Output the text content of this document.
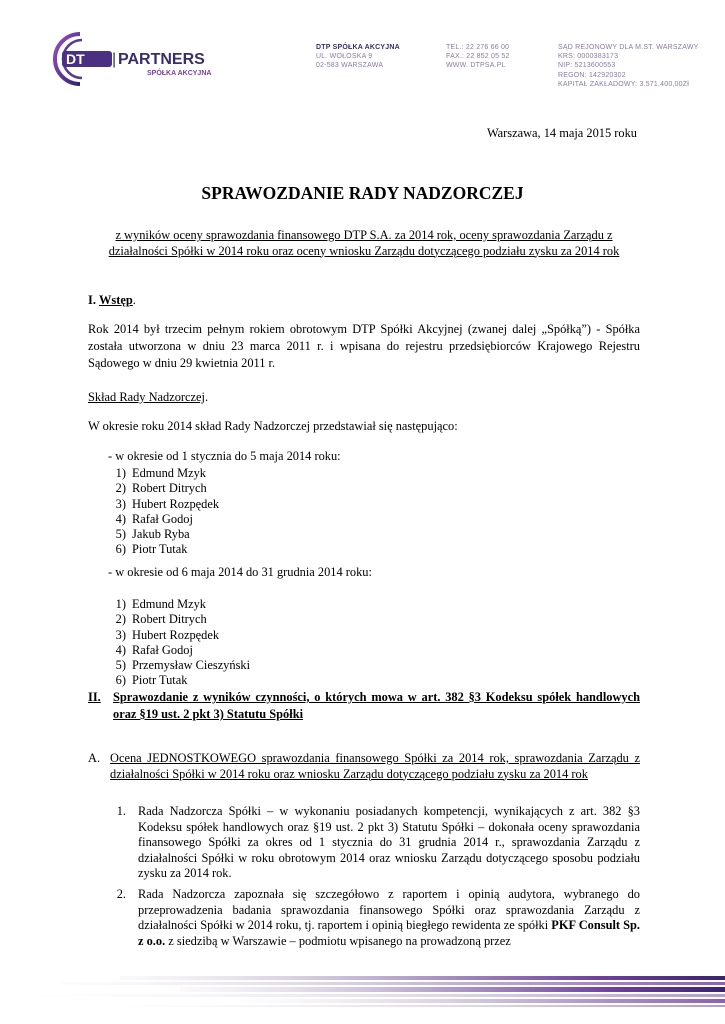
DT | PARTNERS
SPÓŁKA AKCYJNA
DTP SPÓŁKA AKCYJNA
UL. WOŁOSKA 9
02-583 WARSZAWA
TEL.: 22 276 66 00
FAX.: 22 852 05 52
WWW. DTPSA.PL
SĄD REJONOWY DLA M.ST. WARSZAWY
KRS: 0000383173
NIP: 5213600553
REGON: 142920302
KAPITAŁ ZAKŁADOWY: 3.571.400,00Zł
Warszawa, 14 maja 2015 roku
SPRAWOZDANIE RADY NADZORCZEJ
z wyników oceny sprawozdania finansowego DTP S.A. za 2014 rok, oceny sprawozdania Zarządu z działalności Spółki w 2014 roku oraz oceny wniosku Zarządu dotyczącego podziału zysku za 2014 rok
I. Wstęp.
Rok 2014 był trzecim pełnym rokiem obrotowym DTP Spółki Akcyjnej (zwanej dalej „Spółką”) - Spółka została utworzona w dniu 23 marca 2011 r. i wpisana do rejestru przedsiębiorców Krajowego Rejestru Sądowego w dniu 29 kwietnia 2011 r.
Skład Rady Nadzorczej.
W okresie roku 2014 skład Rady Nadzorczej przedstawiał się następująco:
- w okresie od 1 stycznia do 5 maja 2014 roku:
1) Edmund Mzyk
2) Robert Ditrych
3) Hubert Rozpędek
4) Rafał Godoj
5) Jakub Ryba
6) Piotr Tutak
- w okresie od 6 maja 2014 do 31 grudnia 2014 roku:
1) Edmund Mzyk
2) Robert Ditrych
3) Hubert Rozpędek
4) Rafał Godoj
5) Przemysław Cieszyński
6) Piotr Tutak
II. Sprawozdanie z wyników czynności, o których mowa w art. 382 §3 Kodeksu spółek handlowych oraz §19 ust. 2 pkt 3) Statutu Spółki
A. Ocena JEDNOSTKOWEGO sprawozdania finansowego Spółki za 2014 rok, sprawozdania Zarządu z działalności Spółki w 2014 roku oraz wniosku Zarządu dotyczącego podziału zysku za 2014 rok
1. Rada Nadzorcza Spółki – w wykonaniu posiadanych kompetencji, wynikających z art. 382 §3 Kodeksu spółek handlowych oraz §19 ust. 2 pkt 3) Statutu Spółki – dokonała oceny sprawozdania finansowego Spółki za okres od 1 stycznia do 31 grudnia 2014 r., sprawozdania Zarządu z działalności Spółki w roku obrotowym 2014 oraz wniosku Zarządu dotyczącego sposobu podziału zysku za 2014 rok.
2. Rada Nadzorcza zapoznała się szczegółowo z raportem i opinią audytora, wybranego do przeprowadzenia badania sprawozdania finansowego Spółki oraz sprawozdania Zarządu z działalności Spółki w 2014 roku, tj. raportem i opinią biegłego rewidenta ze spółki PKF Consult Sp. z o.o. z siedzibą w Warszawie – podmiotu wpisanego na prowadzoną przez
